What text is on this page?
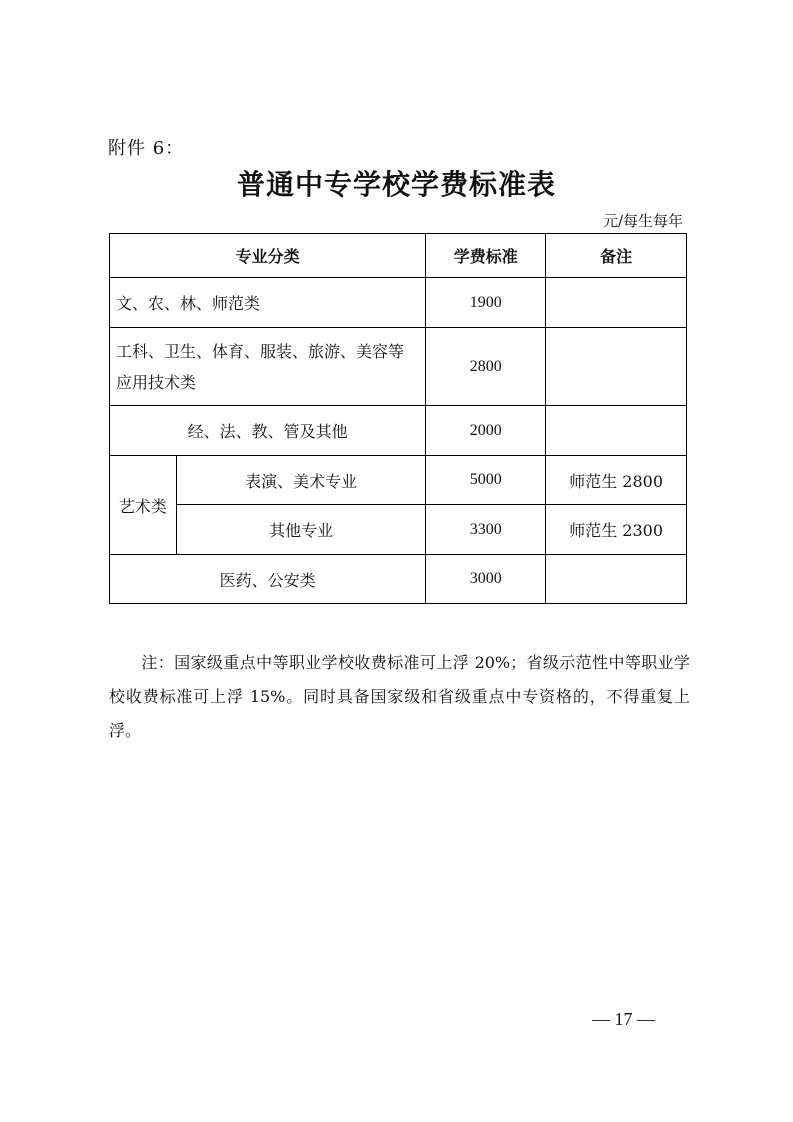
附件 6：
普通中专学校学费标准表
元/每生每年
专业分类		学费标准	备注
文、农、林、师范类		1900	
工科、卫生、体育、服装、旅游、美容等应用技术类		2800	
经、法、教、管及其他		2000	
艺术类	表演、美术专业	5000	师范生 2800
	其他专业	3300	师范生 2300
医药、公安类		3000	
注：国家级重点中等职业学校收费标准可上浮 20%；省级示范性中等职业学校收费标准可上浮 15%。同时具备国家级和省级重点中专资格的，不得重复上浮。
— 17 —
